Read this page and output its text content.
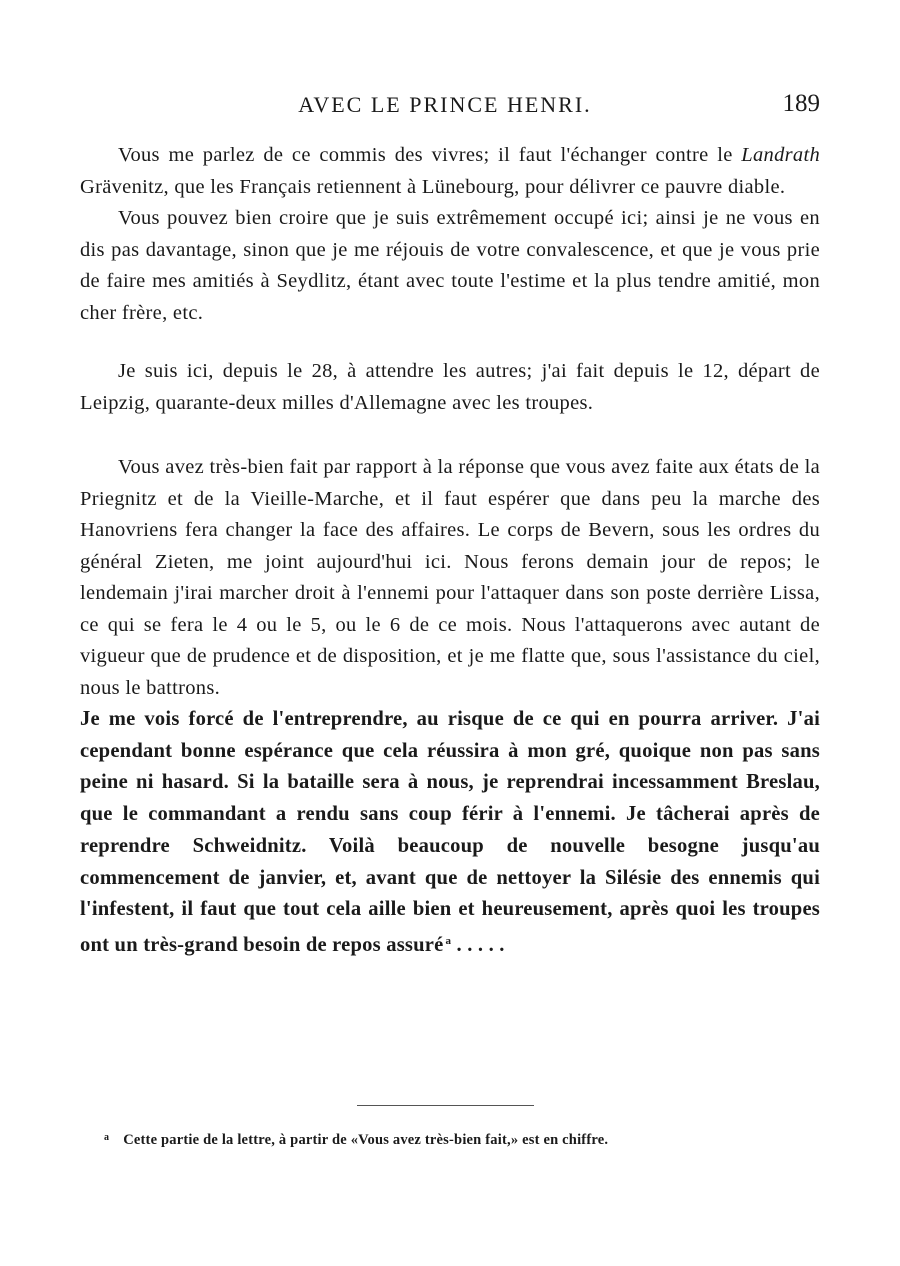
AVEC LE PRINCE HENRI.	189

Vous me parlez de ce commis des vivres; il faut l'échanger contre le Landrath Grävenitz, que les Français retiennent à Lünebourg, pour délivrer ce pauvre diable.

Vous pouvez bien croire que je suis extrêmement occupé ici; ainsi je ne vous en dis pas davantage, sinon que je me réjouis de votre convalescence, et que je vous prie de faire mes amitiés à Seydlitz, étant avec toute l'estime et la plus tendre amitié, mon cher frère, etc.

Je suis ici, depuis le 28, à attendre les autres; j'ai fait depuis le 12, départ de Leipzig, quarante-deux milles d'Allemagne avec les troupes.

Vous avez très-bien fait par rapport à la réponse que vous avez faite aux états de la Priegnitz et de la Vieille-Marche, et il faut espérer que dans peu la marche des Hanovriens fera changer la face des affaires. Le corps de Bevern, sous les ordres du général Zieten, me joint aujourd'hui ici. Nous ferons demain jour de repos; le lendemain j'irai marcher droit à l'ennemi pour l'attaquer dans son poste derrière Lissa, ce qui se fera le 4 ou le 5, ou le 6 de ce mois. Nous l'attaquerons avec autant de vigueur que de prudence et de disposition, et je me flatte que, sous l'assistance du ciel, nous le battrons.

Je me vois forcé de l'entreprendre, au risque de ce qui en pourra arriver. J'ai cependant bonne espérance que cela réussira à mon gré, quoique non pas sans peine ni hasard. Si la bataille sera à nous, je reprendrai incessamment Breslau, que le commandant a rendu sans coup férir à l'ennemi. Je tâcherai après de reprendre Schweidnitz. Voilà beaucoup de nouvelle besogne jusqu'au commencement de janvier, et, avant que de nettoyer la Silésie des ennemis qui l'infestent, il faut que tout cela aille bien et heureusement, après quoi les troupes ont un très-grand besoin de repos assuré $^a$ . . . . .

$^a$ Cette partie de la lettre, à partir de «Vous avez très-bien fait,» est en chiffre.
